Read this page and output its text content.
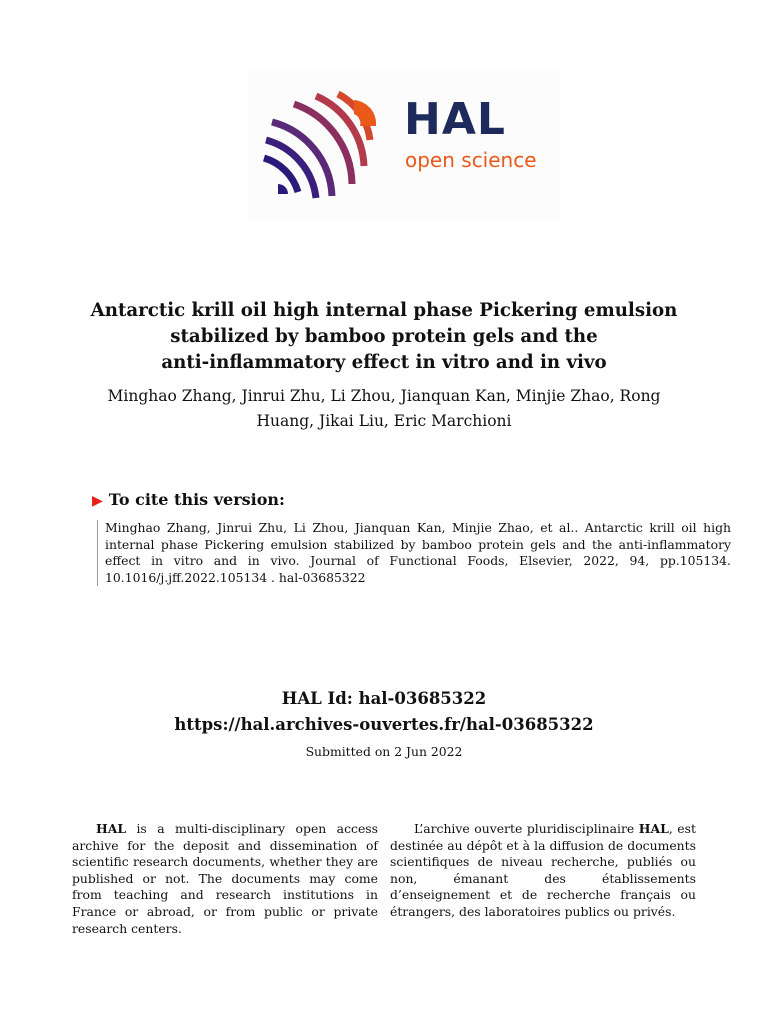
HAL
open science
Antarctic krill oil high internal phase Pickering emulsion
stabilized by bamboo protein gels and the
anti-inflammatory effect in vitro and in vivo
Minghao Zhang, Jinrui Zhu, Li Zhou, Jianquan Kan, Minjie Zhao, Rong
Huang, Jikai Liu, Eric Marchioni
▶ To cite this version:
Minghao Zhang, Jinrui Zhu, Li Zhou, Jianquan Kan, Minjie Zhao, et al.. Antarctic krill oil high internal phase Pickering emulsion stabilized by bamboo protein gels and the anti-inflammatory effect in vitro and in vivo. Journal of Functional Foods, Elsevier, 2022, 94, pp.105134. 10.1016/j.jff.2022.105134 . hal-03685322
HAL Id: hal-03685322
https://hal.archives-ouvertes.fr/hal-03685322
Submitted on 2 Jun 2022
HAL is a multi-disciplinary open access archive for the deposit and dissemination of scientific research documents, whether they are published or not. The documents may come from teaching and research institutions in France or abroad, or from public or private research centers.
L’archive ouverte pluridisciplinaire HAL, est destinée au dépôt et à la diffusion de documents scientifiques de niveau recherche, publiés ou non, émanant des établissements d’enseignement et de recherche français ou étrangers, des laboratoires publics ou privés.
